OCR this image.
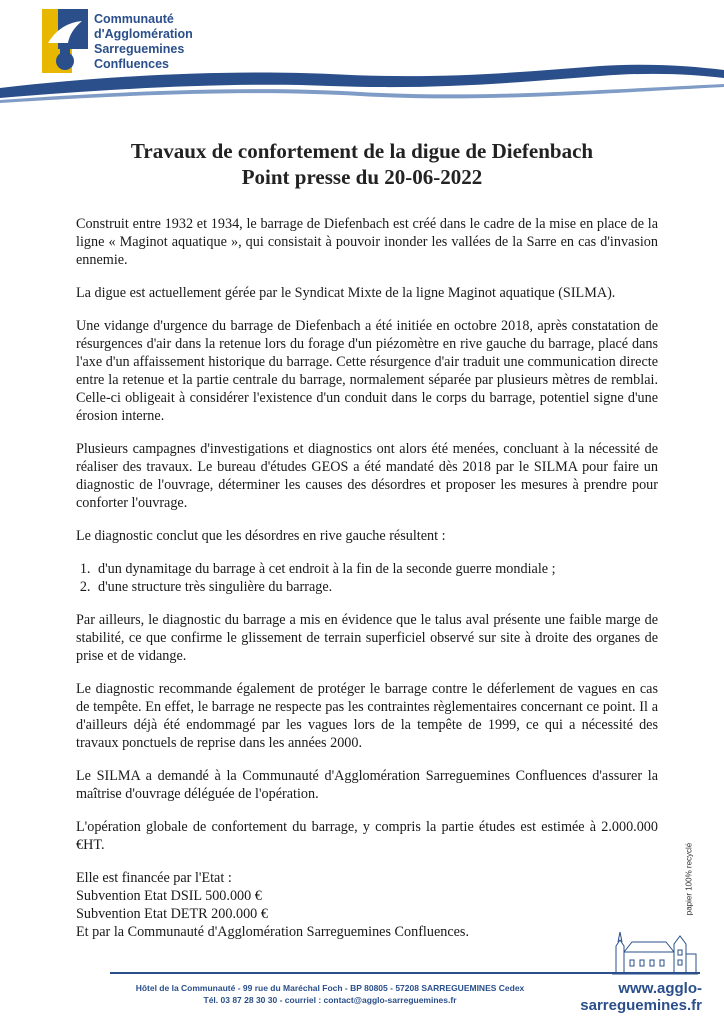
Communauté
d'Agglomération
Sarreguemines
Confluences
Travaux de confortement de la digue de Diefenbach
Point presse du 20-06-2022

Construit entre 1932 et 1934, le barrage de Diefenbach est créé dans le cadre de la mise en place de la ligne « Maginot aquatique », qui consistait à pouvoir inonder les vallées de la Sarre en cas d'invasion ennemie.

La digue est actuellement gérée par le Syndicat Mixte de la ligne Maginot aquatique (SILMA).

Une vidange d'urgence du barrage de Diefenbach a été initiée en octobre 2018, après constatation de résurgences d'air dans la retenue lors du forage d'un piézomètre en rive gauche du barrage, placé dans l'axe d'un affaissement historique du barrage. Cette résurgence d'air traduit une communication directe entre la retenue et la partie centrale du barrage, normalement séparée par plusieurs mètres de remblai. Celle-ci obligeait à considérer l'existence d'un conduit dans le corps du barrage, potentiel signe d'une érosion interne.

Plusieurs campagnes d'investigations et diagnostics ont alors été menées, concluant à la nécessité de réaliser des travaux. Le bureau d'études GEOS a été mandaté dès 2018 par le SILMA pour faire un diagnostic de l'ouvrage, déterminer les causes des désordres et proposer les mesures à prendre pour conforter l'ouvrage.

Le diagnostic conclut que les désordres en rive gauche résultent :

1. d'un dynamitage du barrage à cet endroit à la fin de la seconde guerre mondiale ;
2. d'une structure très singulière du barrage.

Par ailleurs, le diagnostic du barrage a mis en évidence que le talus aval présente une faible marge de stabilité, ce que confirme le glissement de terrain superficiel observé sur site à droite des organes de prise et de vidange.

Le diagnostic recommande également de protéger le barrage contre le déferlement de vagues en cas de tempête. En effet, le barrage ne respecte pas les contraintes règlementaires concernant ce point. Il a d'ailleurs déjà été endommagé par les vagues lors de la tempête de 1999, ce qui a nécessité des travaux ponctuels de reprise dans les années 2000.

Le SILMA a demandé à la Communauté d'Agglomération Sarreguemines Confluences d'assurer la maîtrise d'ouvrage déléguée de l'opération.

L'opération globale de confortement du barrage, y compris la partie études est estimée à 2.000.000 €HT.

Elle est financée par l'Etat :

Subvention Etat DSIL 500.000 €

Subvention Etat DETR 200.000 €

Et par la Communauté d'Agglomération Sarreguemines Confluences.

papier 100% recyclé
Hôtel de la Communauté - 99 rue du Maréchal Foch - BP 80805 - 57208 SARREGUEMINES Cedex
Tél. 03 87 28 30 30 - courriel : contact@agglo-sarreguemines.fr
www.agglo-sarreguemines.fr
